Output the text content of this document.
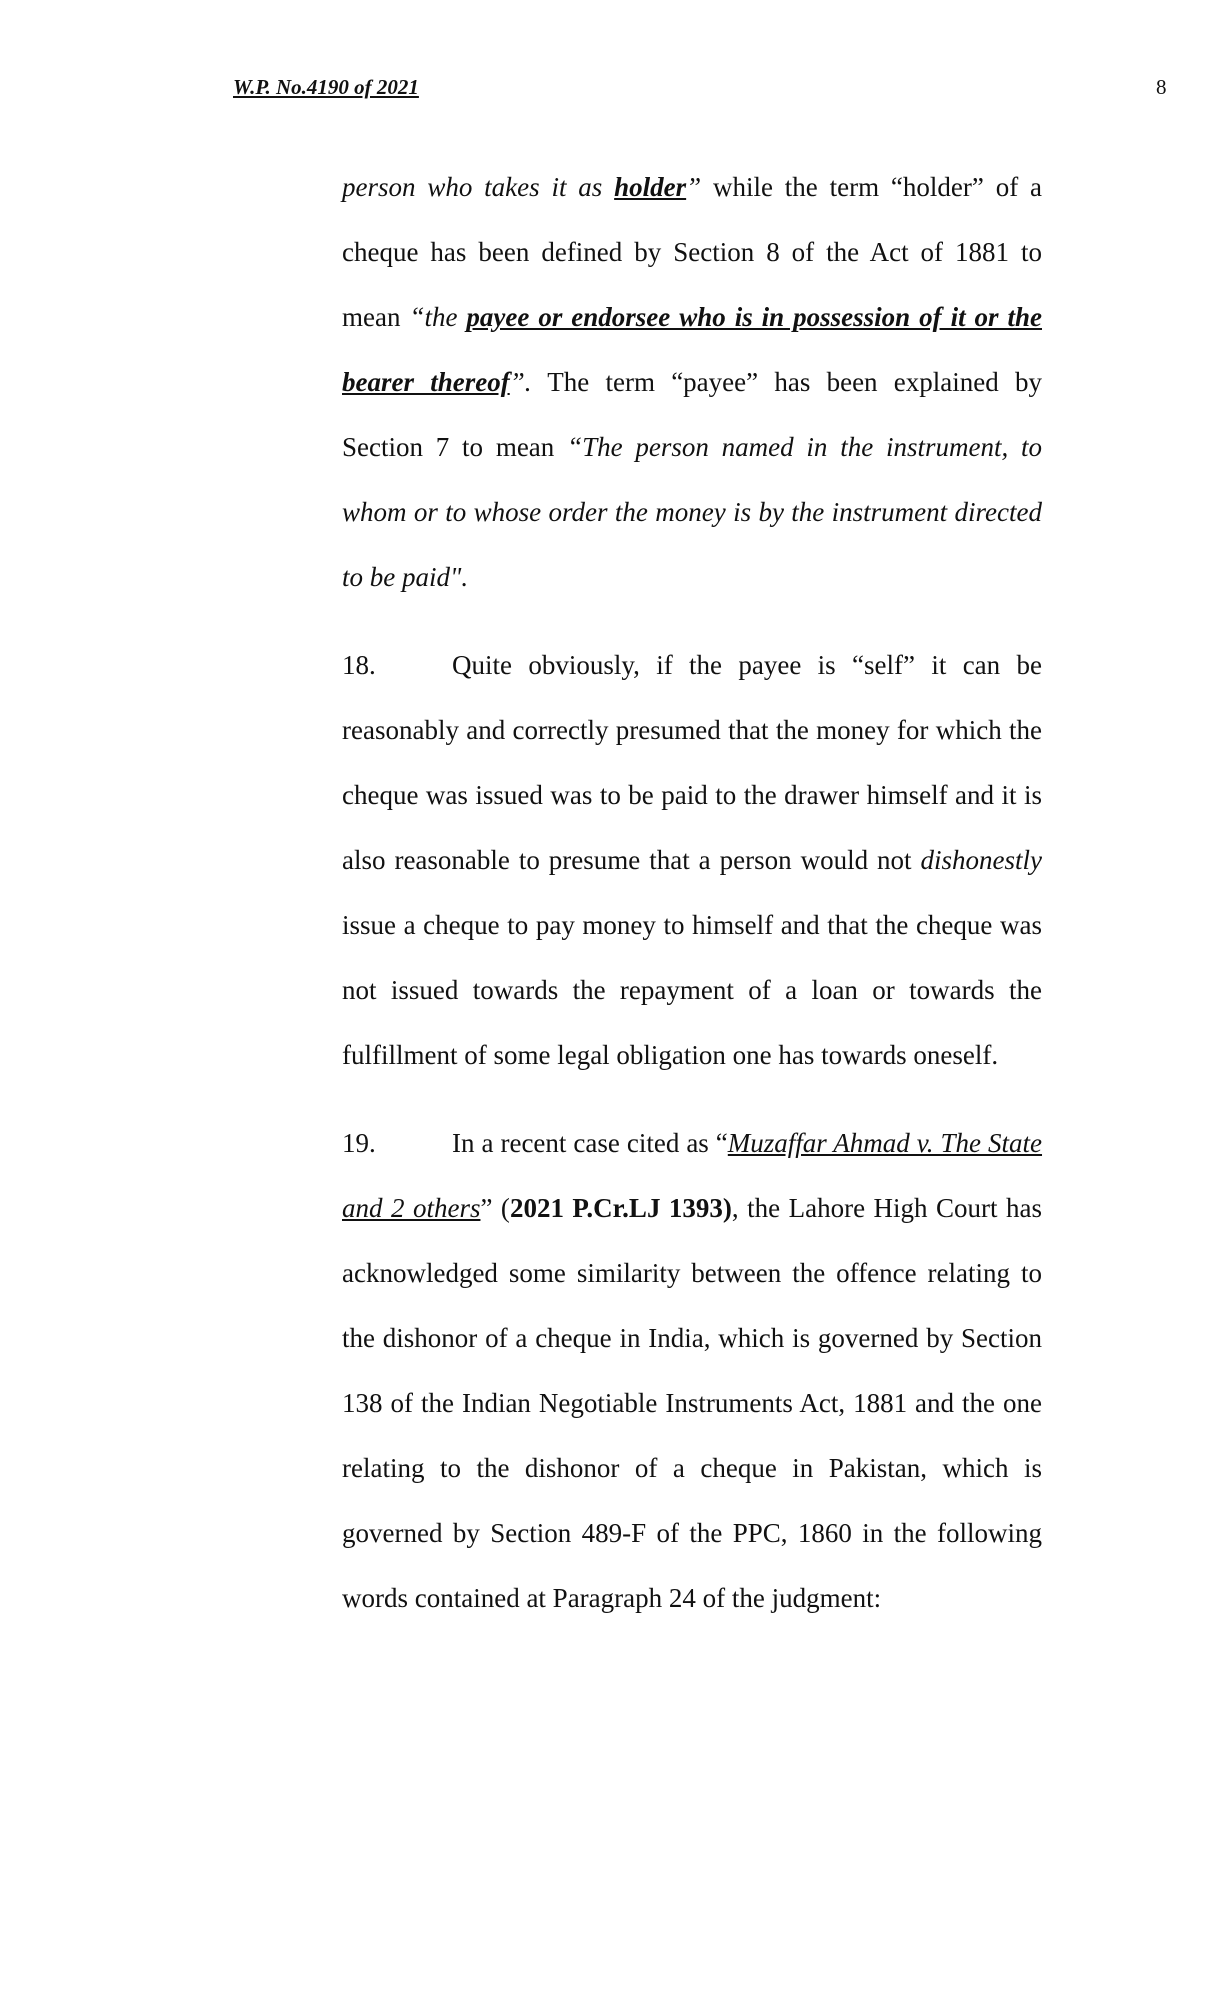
W.P. No.4190 of 2021	8

person who takes it as holder” while the term “holder” of a cheque has been defined by Section 8 of the Act of 1881 to mean “the payee or endorsee who is in possession of it or the bearer thereof”. The term “payee” has been explained by Section 7 to mean “The person named in the instrument, to whom or to whose order the money is by the instrument directed to be paid".

18.	Quite obviously, if the payee is “self” it can be reasonably and correctly presumed that the money for which the cheque was issued was to be paid to the drawer himself and it is also reasonable to presume that a person would not dishonestly issue a cheque to pay money to himself and that the cheque was not issued towards the repayment of a loan or towards the fulfillment of some legal obligation one has towards oneself.

19.	In a recent case cited as “Muzaffar Ahmad v. The State and 2 others” (2021 P.Cr.LJ 1393), the Lahore High Court has acknowledged some similarity between the offence relating to the dishonor of a cheque in India, which is governed by Section 138 of the Indian Negotiable Instruments Act, 1881 and the one relating to the dishonor of a cheque in Pakistan, which is governed by Section 489-F of the PPC, 1860 in the following words contained at Paragraph 24 of the judgment:
